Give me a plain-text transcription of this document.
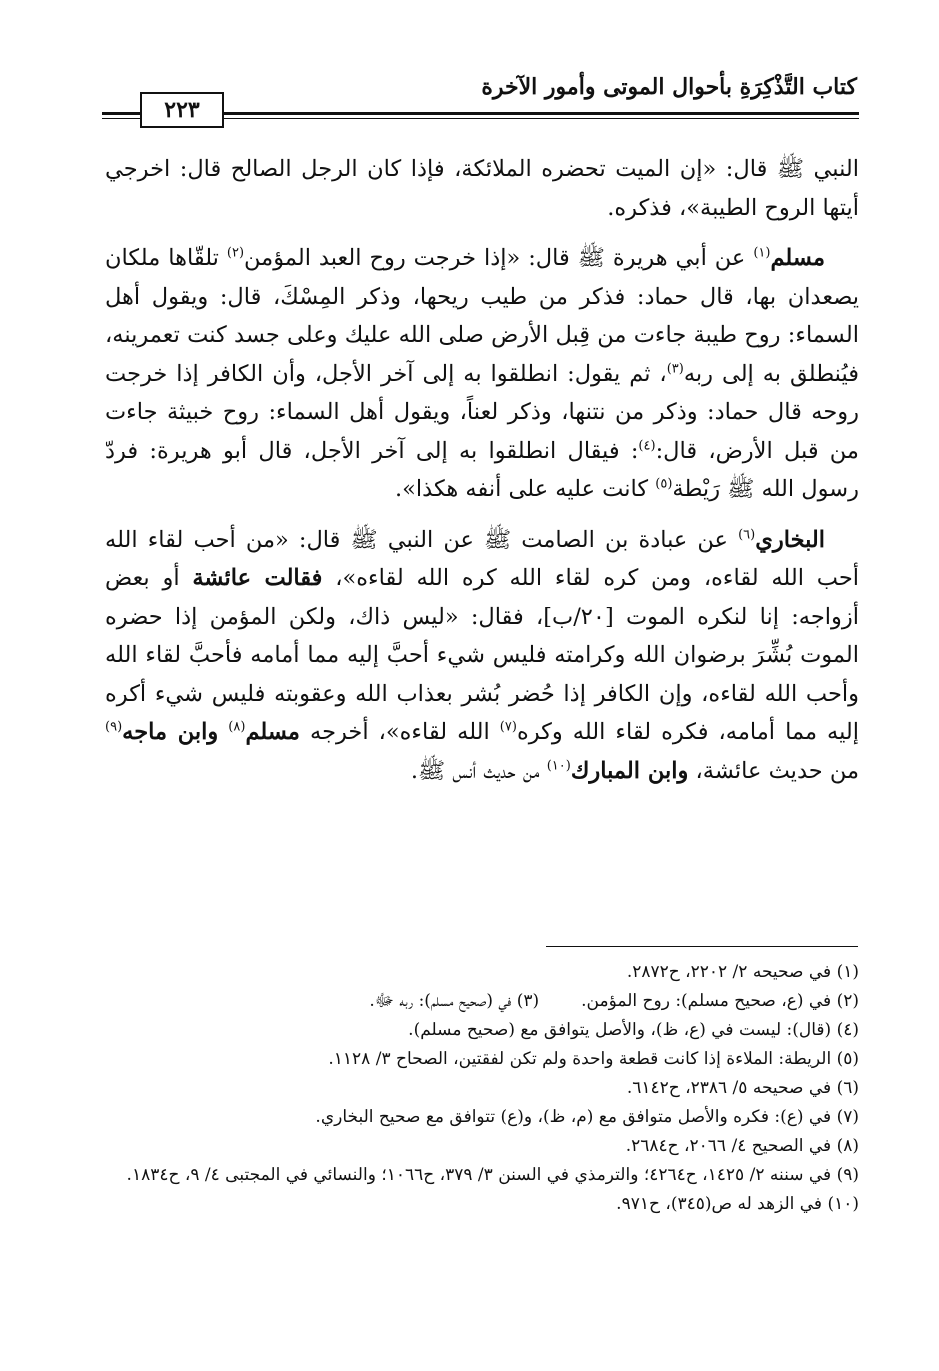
كتاب التَّذْكِرَةِ بأحوال الموتى وأمور الآخرة
٢٢٣

النبي ﷺ قال: «إن الميت تحضره الملائكة، فإذا كان الرجل الصالح قال: اخرجي أيتها الروح الطيبة»، فذكره.

مسلم$^{(١)}$ عن أبي هريرة ﷺ قال: «إذا خرجت روح العبد المؤمن$^{(٢)}$ تلقّاها ملكان يصعدان بها، قال حماد: فذكر من طيب ريحها، وذكر المِسْكَ، قال: ويقول أهل السماء: روح طيبة جاءت من قِبل الأرض صلى الله عليك وعلى جسد كنت تعمرينه، فيُنطلق به إلى ربه$^{(٣)}$، ثم يقول: انطلقوا به إلى آخر الأجل، وأن الكافر إذا خرجت روحه قال حماد: وذكر من نتنها، وذكر لعناً، ويقول أهل السماء: روح خبيثة جاءت من قبل الأرض، قال:$^{(٤)}$: فيقال انطلقوا به إلى آخر الأجل، قال أبو هريرة: فردّ رسول الله ﷺ رَيْطة$^{(٥)}$ كانت عليه على أنفه هكذا».

البخاري$^{(٦)}$ عن عبادة بن الصامت ﷺ عن النبي ﷺ قال: «من أحب لقاء الله أحب الله لقاءه، ومن كره لقاء الله كره الله لقاءه»، فقالت عائشة أو بعض أزواجه: إنا لنكره الموت [٢٠/ب]، فقال: «ليس ذاك، ولكن المؤمن إذا حضره الموت بُشِّرَ برضوان الله وكرامته فليس شيء أحبَّ إليه مما أمامه فأحبَّ لقاء الله وأحب الله لقاءه، وإن الكافر إذا حُضر بُشر بعذاب الله وعقوبته فليس شيء أكره إليه مما أمامه، فكره لقاء الله وكره$^{(٧)}$ الله لقاءه»، أخرجه مسلم$^{(٨)}$ وابن ماجه$^{(٩)}$ من حديث عائشة، وابن المبارك$^{(١٠)}$ من حديث أنس ﷺ.

(١) في صحيحه ٢/ ٢٢٠٢، ح٢٨٧٢.

(٢) في (ع، صحيح مسلم): روح المؤمن.
(٣) في (صحيح مسلم): ربه ﷻ.

(٤) (قال): ليست في (ع، ظ)، والأصل يتوافق مع (صحيح مسلم).

(٥) الريطة: الملاءة إذا كانت قطعة واحدة ولم تكن لفقتين، الصحاح ٣/ ١١٢٨.

(٦) في صحيحه ٥/ ٢٣٨٦، ح٦١٤٢.

(٧) في (ع): فكره والأصل متوافق مع (م، ظ)، و(ع) تتوافق مع صحيح البخاري.

(٨) في الصحيح ٤/ ٢٠٦٦، ح٢٦٨٤.

(٩) في سننه ٢/ ١٤٢٥، ح٤٢٦٤؛ والترمذي في السنن ٣/ ٣٧٩، ح١٠٦٦؛ والنسائي في المجتبى ٤/ ٩، ح١٨٣٤.

(١٠) في الزهد له ص(٣٤٥)، ح٩٧١.
